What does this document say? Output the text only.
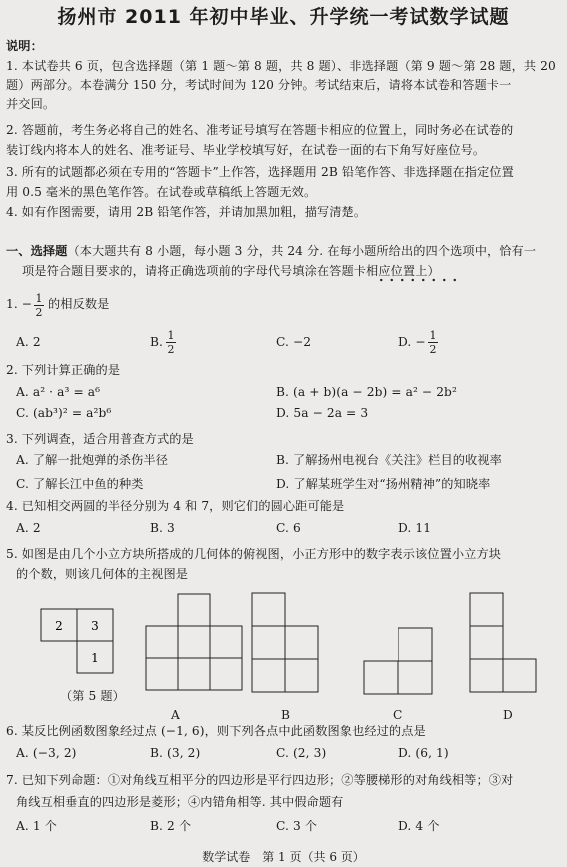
扬州市 2011 年初中毕业、升学统一考试数学试题
说明：
1. 本试卷共 6 页，包含选择题（第 1 题～第 8 题，共 8 题）、非选择题（第 9 题～第 28 题，共 20
题）两部分。本卷满分 150 分，考试时间为 120 分钟。考试结束后，请将本试卷和答题卡一
并交回。
2. 答题前，考生务必将自己的姓名、准考证号填写在答题卡相应的位置上，同时务必在试卷的
装订线内将本人的姓名、准考证号、毕业学校填写好，在试卷一面的右下角写好座位号。
3. 所有的试题都必须在专用的“答题卡”上作答，选择题用 2B 铅笔作答、非选择题在指定位置
用 0.5 毫米的黑色笔作答。在试卷或草稿纸上答题无效。
4. 如有作图需要，请用 2B 铅笔作答，并请加黑加粗，描写清楚。
一、选择题（本大题共有 8 小题，每小题 3 分，共 24 分. 在每小题所给出的四个选项中，恰有一
项是符合题目要求的，请将正确选项前的字母代号填涂在答题卡相应位置上）
1. − 1
2
的相反数是
A. 2	B. 1
2
C. −2	D. − 1
2
2. 下列计算正确的是
A. a² · a³ = a⁶	B. (a + b)(a − 2b) = a² − 2b²
C. (ab³)² = a²b⁶	D. 5a − 2a = 3
3. 下列调查，适合用普查方式的是
A. 了解一批炮弹的杀伤半径	B. 了解扬州电视台《关注》栏目的收视率
C. 了解长江中鱼的种类	D. 了解某班学生对“扬州精神”的知晓率
4. 已知相交两圆的半径分别为 4 和 7，则它们的圆心距可能是
A. 2	B. 3	C. 6	D. 11
5. 如图是由几个小立方块所搭成的几何体的俯视图，小正方形中的数字表示该位置小立方块
的个数，则该几何体的主视图是
2 3
1
（第 5 题）
A	B	C	D
6. 某反比例函数图象经过点 (−1, 6)，则下列各点中此函数图象也经过的点是
A. (−3, 2)	B. (3, 2)	C. (2, 3)	D. (6, 1)
7. 已知下列命题：①对角线互相平分的四边形是平行四边形；②等腰梯形的对角线相等；③对
角线互相垂直的四边形是菱形；④内错角相等. 其中假命题有
A. 1 个	B. 2 个	C. 3 个	D. 4 个
数学试卷　第 1 页（共 6 页）
